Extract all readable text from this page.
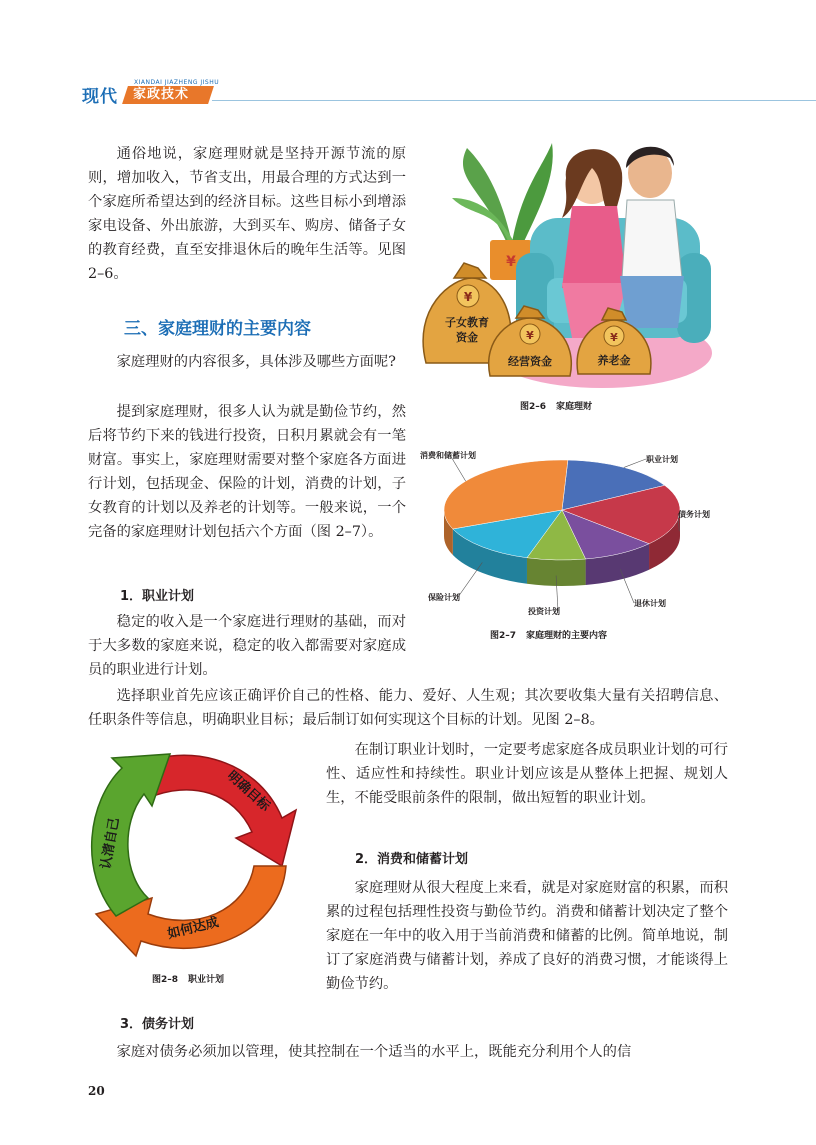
现代
XIANDAI JIAZHENG JISHU
家政技术
通俗地说，家庭理财就是坚持开源节流的原则，增加收入，节省支出，用最合理的方式达到一个家庭所希望达到的经济目标。这些目标小到增添家电设备、外出旅游，大到买车、购房、储备子女的教育经费，直至安排退休后的晚年生活等。见图 2–6。
三、家庭理财的主要内容
家庭理财的内容很多，具体涉及哪些方面呢?
提到家庭理财，很多人认为就是勤俭节约，然后将节约下来的钱进行投资，日积月累就会有一笔财富。事实上，家庭理财需要对整个家庭各方面进行计划，包括现金、保险的计划，消费的计划，子女教育的计划以及养老的计划等。一般来说，一个完备的家庭理财计划包括六个方面（图 2–7）。
1．职业计划
稳定的收入是一个家庭进行理财的基础，而对于大多数的家庭来说，稳定的收入都需要对家庭成员的职业进行计划。
选择职业首先应该正确评价自己的性格、能力、爱好、人生观；其次要收集大量有关招聘信息、任职条件等信息，明确职业目标；最后制订如何实现这个目标的计划。见图 2–8。
在制订职业计划时，一定要考虑家庭各成员职业计划的可行性、适应性和持续性。职业计划应该是从整体上把握、规划人生，不能受眼前条件的限制，做出短暂的职业计划。
2．消费和储蓄计划
家庭理财从很大程度上来看，就是对家庭财富的积累，而积累的过程包括理性投资与勤俭节约。消费和储蓄计划决定了整个家庭在一年中的收入用于当前消费和储蓄的比例。简单地说，制订了家庭消费与储蓄计划，养成了良好的消费习惯，才能谈得上勤俭节约。
3．债务计划
家庭对债务必须加以管理，使其控制在一个适当的水平上，既能充分利用个人的信
¥
¥
子女教育
资金	¥
经营资金
¥
养老金
图2–6 家庭理财
职业计划
债务计划
退休计划
投资计划
保险计划
消费和储蓄计划
图2–7 家庭理财的主要内容
明确目标
如何达成
认清自己
图2–8 职业计划
20
